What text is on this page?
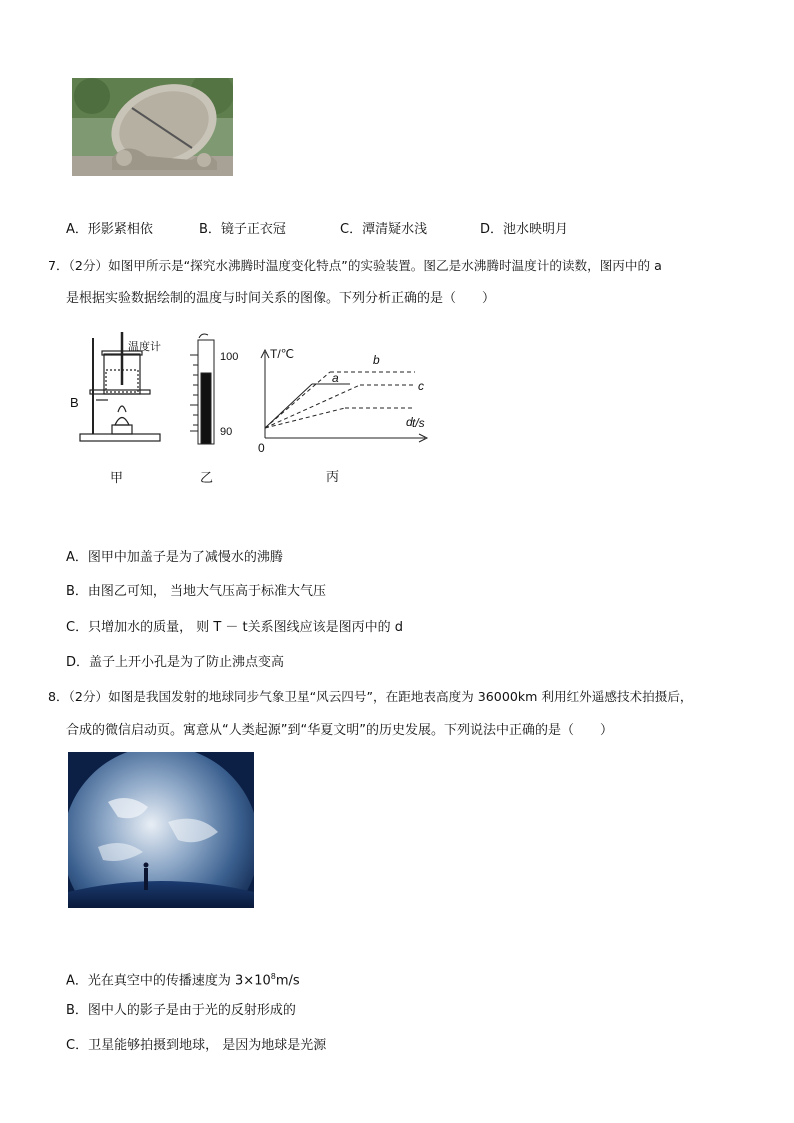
A．形影紧相依	B．镜子正衣冠	C．潭清疑水浅	D．池水映明月
7．（2分）如图甲所示是“探究水沸腾时温度变化特点”的实验装置。图乙是水沸腾时温度计的读数，图丙中的 a
是根据实验数据绘制的温度与时间关系的图像。下列分析正确的是（　　）
温度计
B
甲
100
90
乙
T/℃
t/s
0
a
b
c
d
丙
A．图甲中加盖子是为了减慢水的沸腾
B．由图乙可知， 当地大气压高于标准大气压
C．只增加水的质量， 则 T － t关系图线应该是图丙中的 d
D．盖子上开小孔是为了防止沸点变高
8．（2分）如图是我国发射的地球同步气象卫星“风云四号”，在距地表高度为 36000km 利用红外遥感技术拍摄后，
合成的微信启动页。寓意从“人类起源”到“华夏文明”的历史发展。下列说法中正确的是（　　）
A．光在真空中的传播速度为 $3\times 10^8m/s$
B．图中人的影子是由于光的反射形成的
C．卫星能够拍摄到地球， 是因为地球是光源
